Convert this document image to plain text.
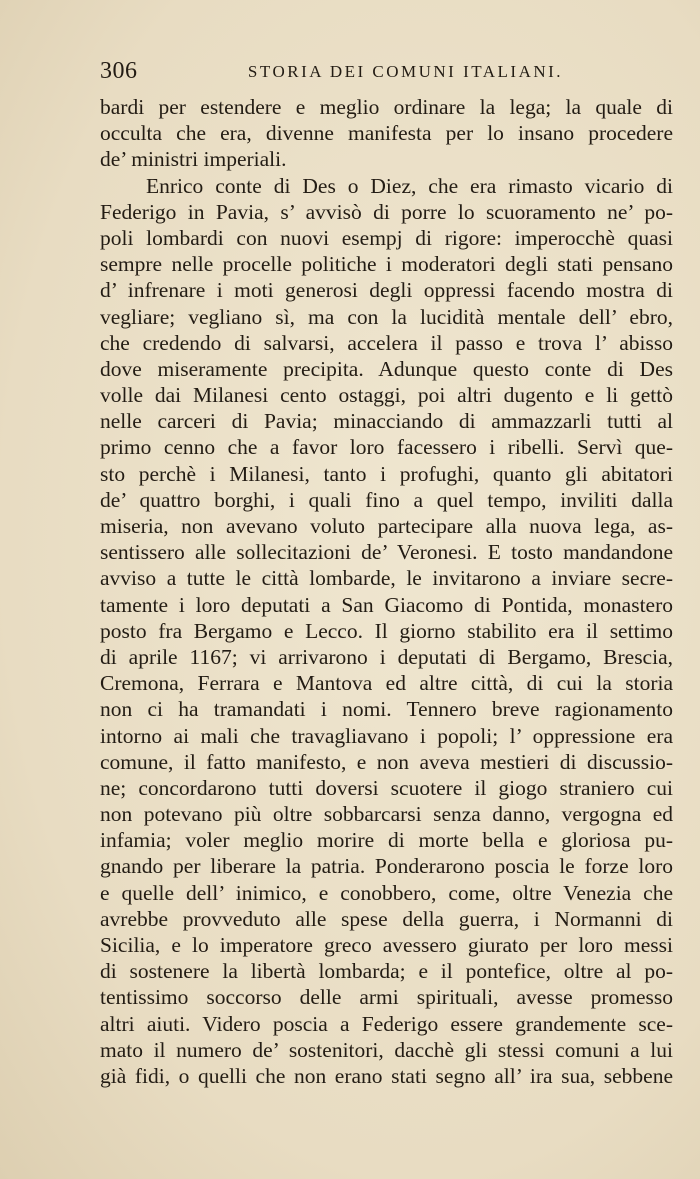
306	STORIA DEI COMUNI ITALIANI.
bardi per estendere e meglio ordinare la lega; la quale di
occulta che era, divenne manifesta per lo insano procedere
de’ ministri imperiali.
Enrico conte di Des o Diez, che era rimasto vicario di
Federigo in Pavia, s’ avvisò di porre lo scuoramento ne’ po-
poli lombardi con nuovi esempj di rigore: imperocchè quasi
sempre nelle procelle politiche i moderatori degli stati pensano
d’ infrenare i moti generosi degli oppressi facendo mostra di
vegliare; vegliano sì, ma con la lucidità mentale dell’ ebro,
che credendo di salvarsi, accelera il passo e trova l’ abisso
dove miseramente precipita. Adunque questo conte di Des
volle dai Milanesi cento ostaggi, poi altri dugento e li gettò
nelle carceri di Pavia; minacciando di ammazzarli tutti al
primo cenno che a favor loro facessero i ribelli. Servì que-
sto perchè i Milanesi, tanto i profughi, quanto gli abitatori
de’ quattro borghi, i quali fino a quel tempo, inviliti dalla
miseria, non avevano voluto partecipare alla nuova lega, as-
sentissero alle sollecitazioni de’ Veronesi. E tosto mandandone
avviso a tutte le città lombarde, le invitarono a inviare secre-
tamente i loro deputati a San Giacomo di Pontida, monastero
posto fra Bergamo e Lecco. Il giorno stabilito era il settimo
di aprile 1167; vi arrivarono i deputati di Bergamo, Brescia,
Cremona, Ferrara e Mantova ed altre città, di cui la storia
non ci ha tramandati i nomi. Tennero breve ragionamento
intorno ai mali che travagliavano i popoli; l’ oppressione era
comune, il fatto manifesto, e non aveva mestieri di discussio-
ne; concordarono tutti doversi scuotere il giogo straniero cui
non potevano più oltre sobbarcarsi senza danno, vergogna ed
infamia; voler meglio morire di morte bella e gloriosa pu-
gnando per liberare la patria. Ponderarono poscia le forze loro
e quelle dell’ inimico, e conobbero, come, oltre Venezia che
avrebbe provveduto alle spese della guerra, i Normanni di
Sicilia, e lo imperatore greco avessero giurato per loro messi
di sostenere la libertà lombarda; e il pontefice, oltre al po-
tentissimo soccorso delle armi spirituali, avesse promesso
altri aiuti. Videro poscia a Federigo essere grandemente sce-
mato il numero de’ sostenitori, dacchè gli stessi comuni a lui
già fidi, o quelli che non erano stati segno all’ ira sua, sebbene
